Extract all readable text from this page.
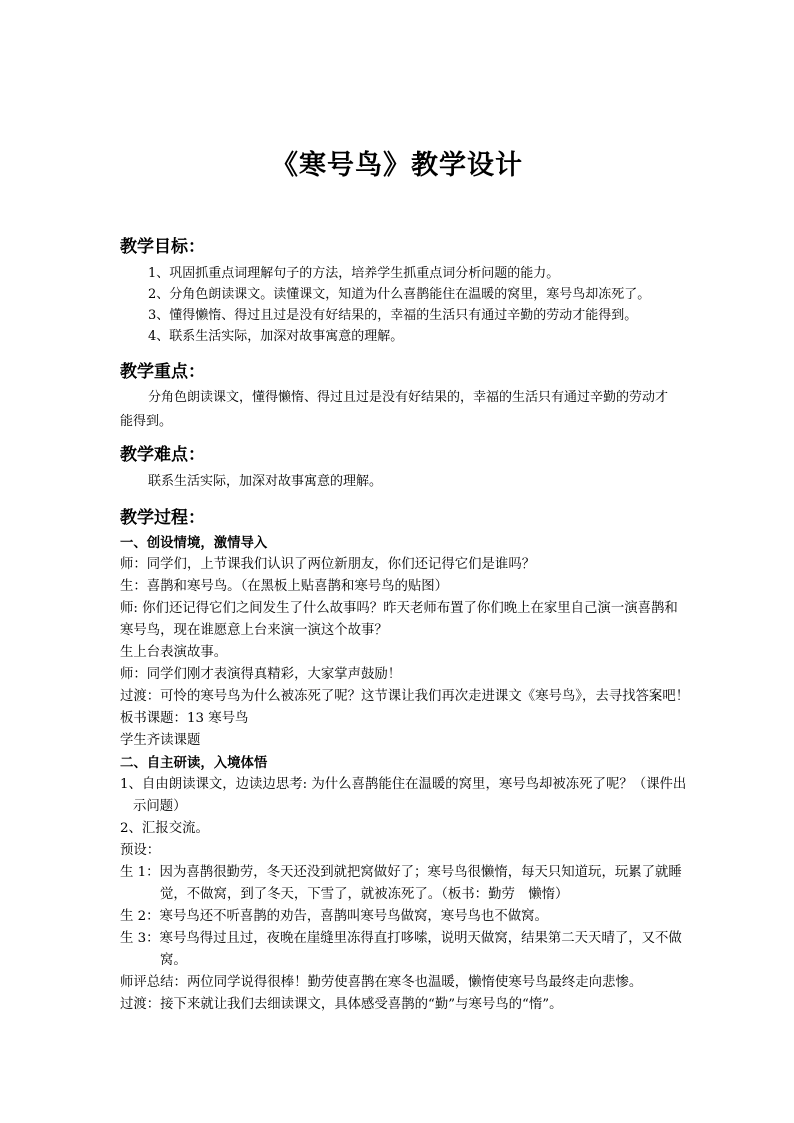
《寒号鸟》教学设计
教学目标：
1、巩固抓重点词理解句子的方法，培养学生抓重点词分析问题的能力。
2、分角色朗读课文。读懂课文，知道为什么喜鹊能住在温暖的窝里，寒号鸟却冻死了。
3、懂得懒惰、得过且过是没有好结果的，幸福的生活只有通过辛勤的劳动才能得到。
4、联系生活实际，加深对故事寓意的理解。
教学重点：
分角色朗读课文，懂得懒惰、得过且过是没有好结果的，幸福的生活只有通过辛勤的劳动才能得到。
教学难点：
联系生活实际，加深对故事寓意的理解。
教学过程：
一、创设情境，激情导入
师：同学们，上节课我们认识了两位新朋友，你们还记得它们是谁吗？
生：喜鹊和寒号鸟。（在黑板上贴喜鹊和寒号鸟的贴图）
师: 你们还记得它们之间发生了什么故事吗？昨天老师布置了你们晚上在家里自己演一演喜鹊和寒号鸟，现在谁愿意上台来演一演这个故事？
生上台表演故事。
师：同学们刚才表演得真精彩，大家掌声鼓励！
过渡：可怜的寒号鸟为什么被冻死了呢？这节课让我们再次走进课文《寒号鸟》，去寻找答案吧！
板书课题：13 寒号鸟
学生齐读课题
二、自主研读，入境体悟
1、自由朗读课文，边读边思考: 为什么喜鹊能住在温暖的窝里，寒号鸟却被冻死了呢？（课件出示问题）
2、汇报交流。
预设：
生 1：因为喜鹊很勤劳，冬天还没到就把窝做好了；寒号鸟很懒惰，每天只知道玩，玩累了就睡觉，不做窝，到了冬天，下雪了，就被冻死了。（板书：勤劳　懒惰）
生 2：寒号鸟还不听喜鹊的劝告，喜鹊叫寒号鸟做窝，寒号鸟也不做窝。
生 3：寒号鸟得过且过，夜晚在崖缝里冻得直打哆嗦，说明天做窝，结果第二天天晴了，又不做窝。
师评总结：两位同学说得很棒！勤劳使喜鹊在寒冬也温暖，懒惰使寒号鸟最终走向悲惨。
过渡：接下来就让我们去细读课文，具体感受喜鹊的“勤”与寒号鸟的“惰”。
